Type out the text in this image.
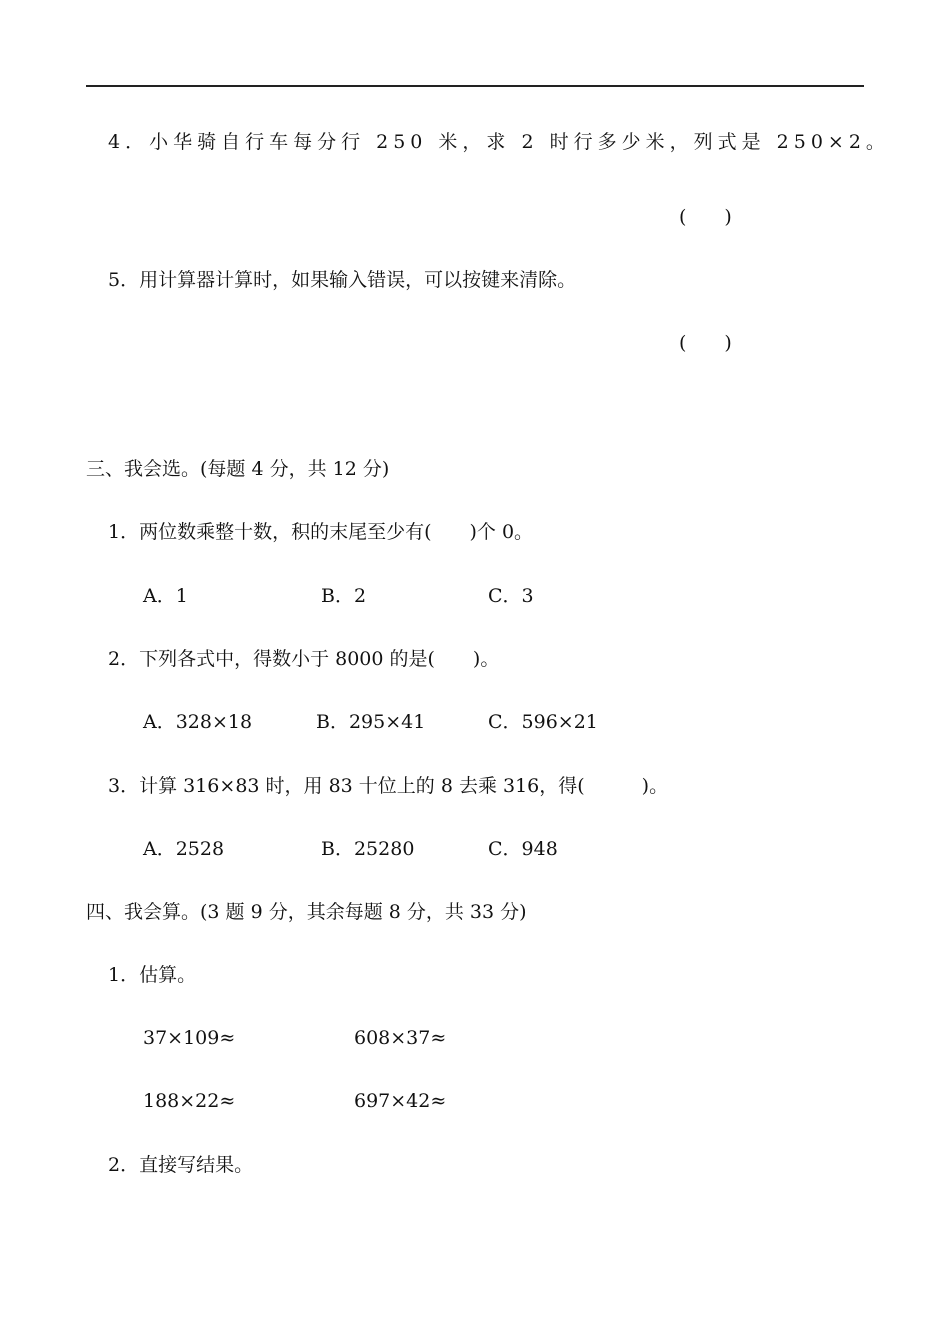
4．小华骑自行车每分行 250 米，求 2 时行多少米，列式是 250×2。
(　　)
5．用计算器计算时，如果输入错误，可以按键来清除。
(　　)
三、我会选。(每题 4 分，共 12 分)
1．两位数乘整十数，积的末尾至少有(　　)个 0。
A．1	B．2	C．3
2．下列各式中，得数小于 8000 的是(　　)。
A．328×18	B．295×41	C．596×21
3．计算 316×83 时，用 83 十位上的 8 去乘 316，得(　　　)。
A．2528	B．25280	C．948
四、我会算。(3 题 9 分，其余每题 8 分，共 33 分)
1．估算。
37×109≈	608×37≈
188×22≈	697×42≈
2．直接写结果。
